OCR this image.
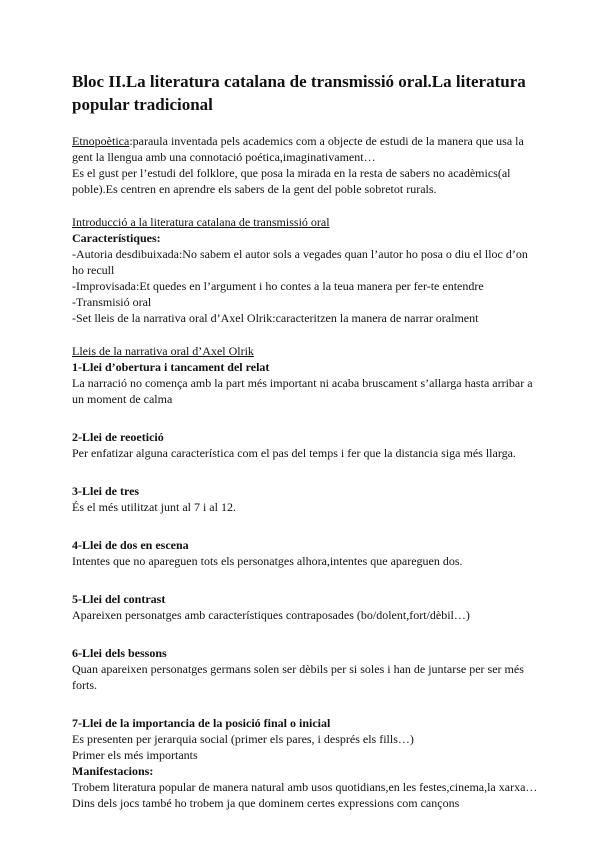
Bloc II.La literatura catalana de transmissió oral.La literatura popular tradicional

Etnopoètica:paraula inventada pels academics com a objecte de estudi de la manera que usa la gent la llengua amb una connotació poética,imaginativament…

Es el gust per l’estudi del folklore, que posa la mirada en la resta de sabers no acadèmics(al poble).Es centren en aprendre els sabers de la gent del poble sobretot rurals.

Introducció a la literatura catalana de transmissió oral

Característiques:

-Autoria desdibuixada:No sabem el autor sols a vegades quan l’autor ho posa o diu el lloc d’on ho recull

-Improvisada:Et quedes en l’argument i ho contes a la teua manera per fer-te entendre

-Transmisió oral

-Set lleis de la narrativa oral d’Axel Olrik:caracteritzen la manera de narrar oralment

Lleis de la narrativa oral d’Axel Olrik

1-Llei d’obertura i tancament del relat

La narració no comença amb la part més important ni acaba bruscament s’allarga hasta arribar a un moment de calma

2-Llei de reoetició

Per enfatizar alguna característica com el pas del temps i fer que la distancia siga més llarga.

3-Llei de tres

És el més utilitzat junt al 7 i al 12.

4-Llei de dos en escena

Intentes que no apareguen tots els personatges alhora,intentes que apareguen dos.

5-Llei del contrast

Apareixen personatges amb característiques contraposades (bo/dolent,fort/dèbil…)

6-Llei dels bessons

Quan apareixen personatges germans solen ser dèbils per si soles i han de juntarse per ser més forts.

7-Llei de la importancia de la posició final o inicial

Es presenten per jerarquia social (primer els pares, i després els fills…)

Primer els més importants

Manifestacions:

Trobem literatura popular de manera natural amb usos quotidians,en les festes,cinema,la xarxa…Dins dels jocs també ho trobem ja que dominem certes expressions com cançons
